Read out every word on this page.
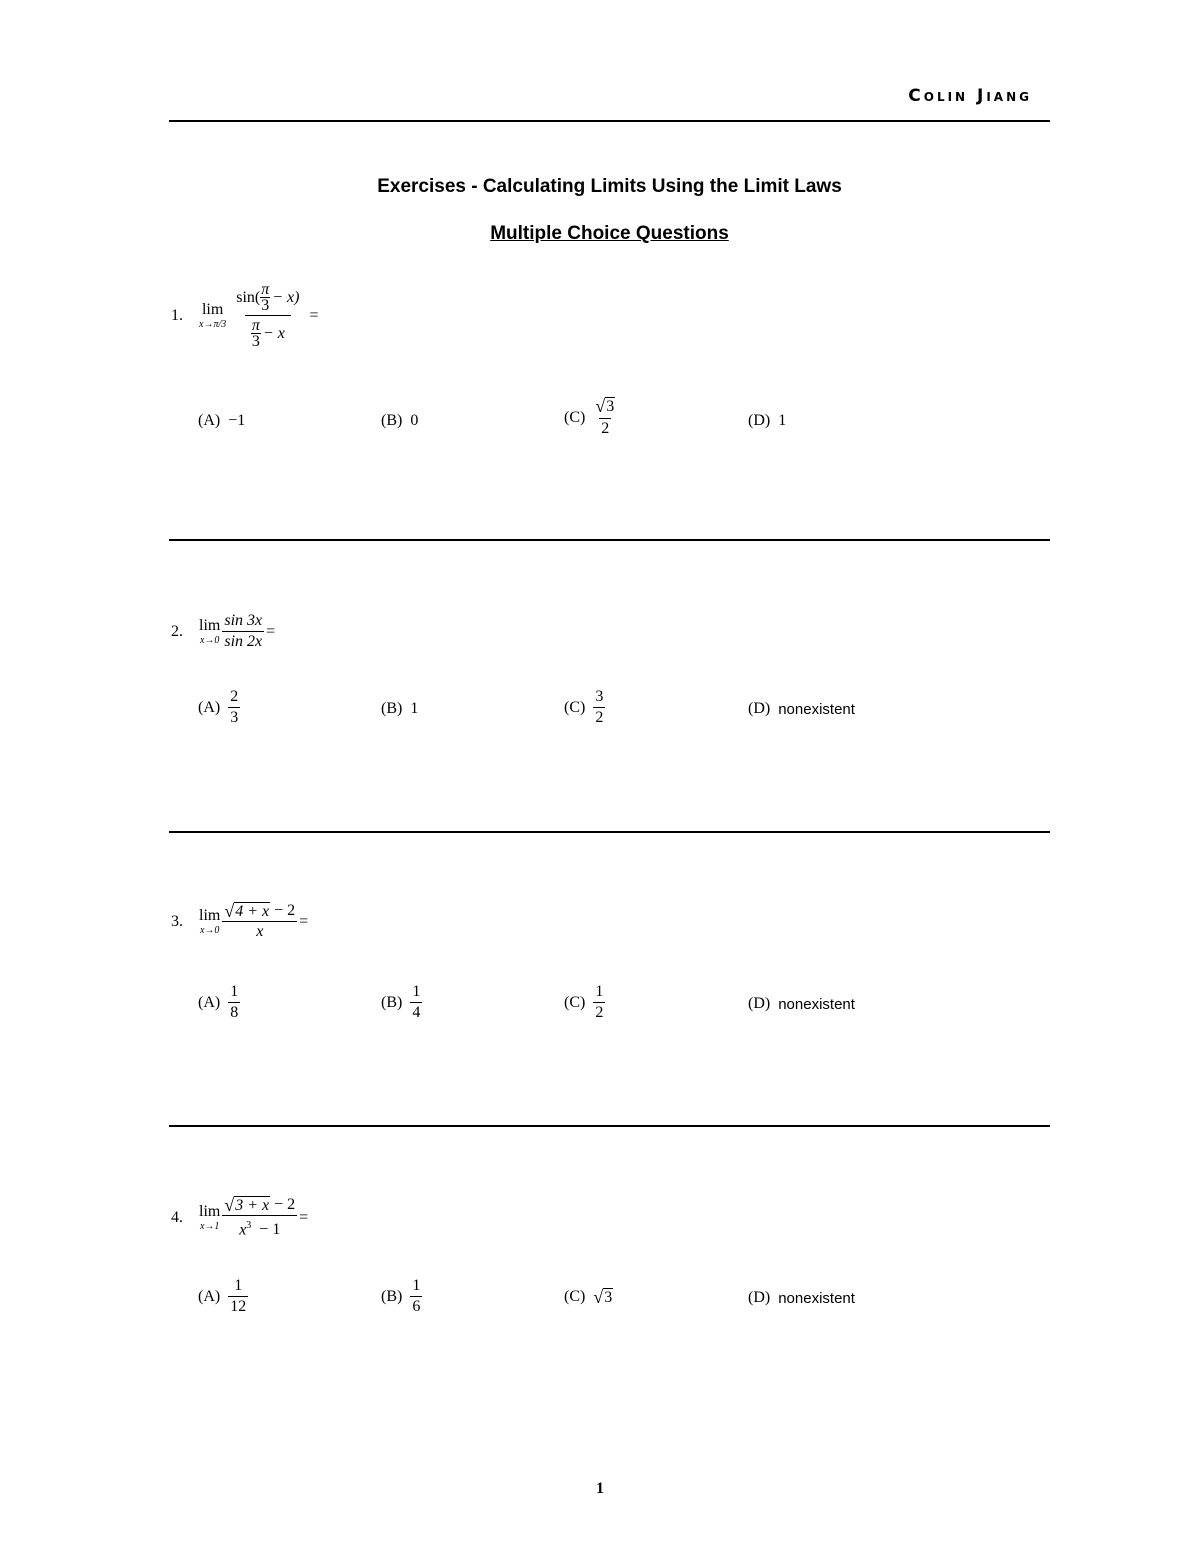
Colin Jiang
Exercises - Calculating Limits Using the Limit Laws
Multiple Choice Questions
1. lim
$x\to\pi/3 \frac{\sin( \frac{\pi}{3} - x)}{\frac{\pi}{3} - x}$ =
(A) −1	(B) 0	$(C) \frac{√ 3}{2}$	(D) 1
2. lim
$x\to 0 \frac{\sin 3x}{\sin 2x}$ =
$(A) \frac{2}{3}$	(B) 1	$(C) \frac{3}{2}$	(D) nonexistent
3. lim
$x\to 0 \frac{√ 4 + x - 2}{x}$ =
$(A) \frac{1}{8}$	$(B) \frac{1}{4}$	$(C) \frac{1}{2}$	(D) nonexistent
4. lim
$x\to 1 \frac{√ 3 + x - 2}{x^3 - 1}$ =
$(A) \frac{1}{12}$	$(B) \frac{1}{6}$	(C) √ 3	(D) nonexistent
1
